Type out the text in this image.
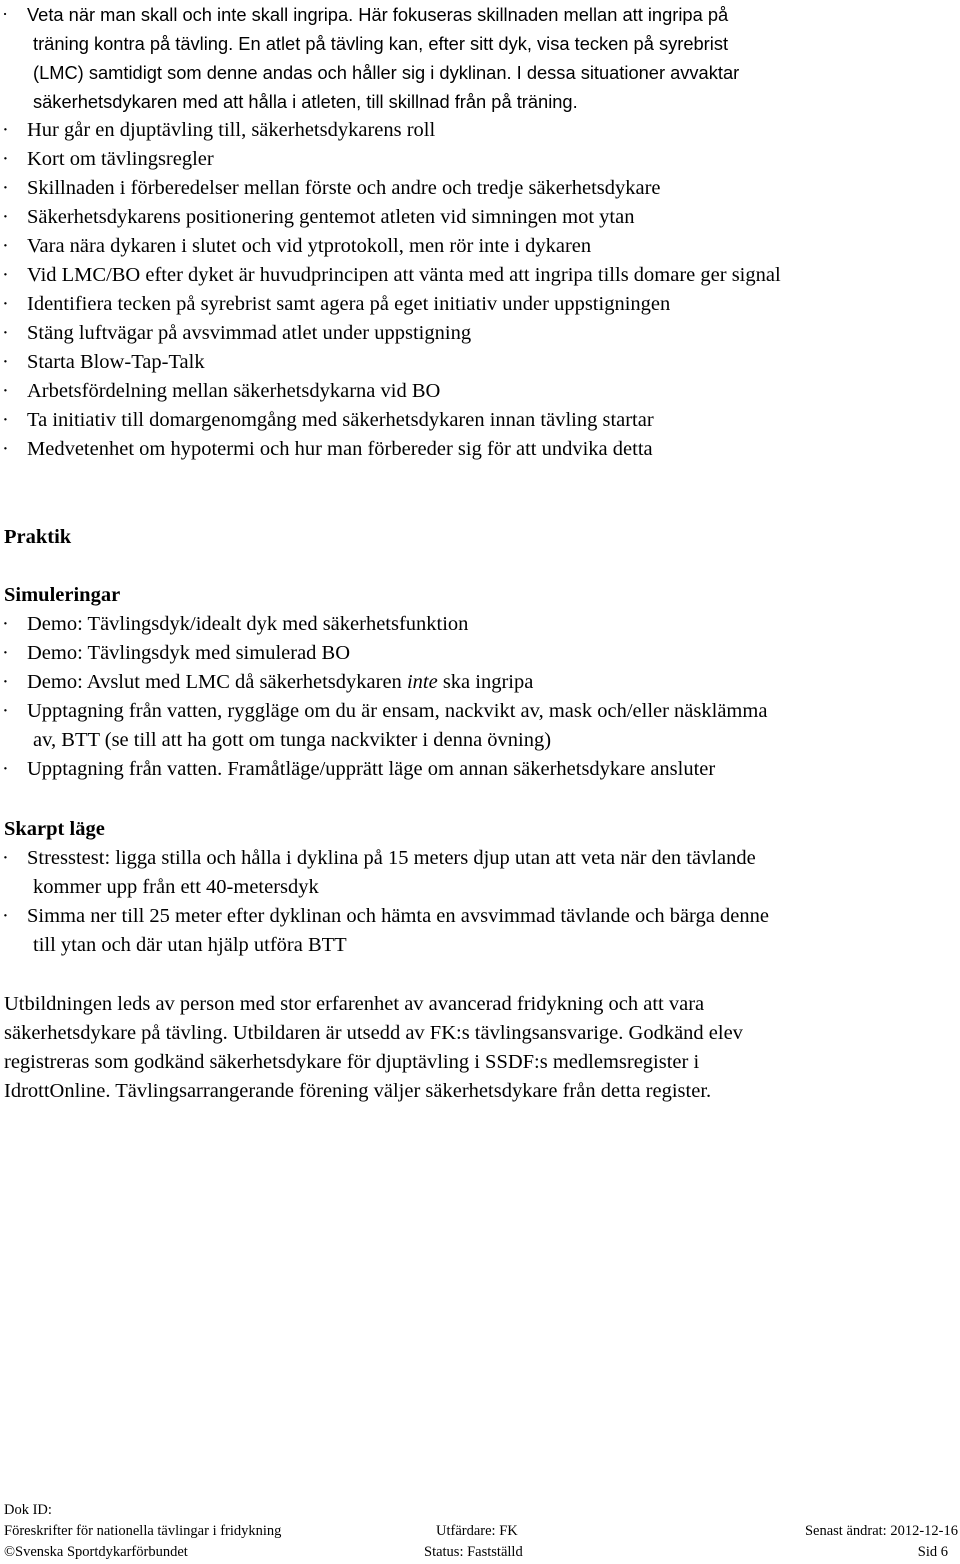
· Veta när man skall och inte skall ingripa. Här fokuseras skillnaden mellan att ingripa på
träning kontra på tävling. En atlet på tävling kan, efter sitt dyk, visa tecken på syrebrist
(LMC) samtidigt som denne andas och håller sig i dyklinan. I dessa situationer avvaktar
säkerhetsdykaren med att hålla i atleten, till skillnad från på träning.
· Hur går en djuptävling till, säkerhetsdykarens roll
· Kort om tävlingsregler
· Skillnaden i förberedelser mellan förste och andre och tredje säkerhetsdykare
· Säkerhetsdykarens positionering gentemot atleten vid simningen mot ytan
· Vara nära dykaren i slutet och vid ytprotokoll, men rör inte i dykaren
· Vid LMC/BO efter dyket är huvudprincipen att vänta med att ingripa tills domare ger signal
· Identifiera tecken på syrebrist samt agera på eget initiativ under uppstigningen
· Stäng luftvägar på avsvimmad atlet under uppstigning
· Starta Blow-Tap-Talk
· Arbetsfördelning mellan säkerhetsdykarna vid BO
· Ta initiativ till domargenomgång med säkerhetsdykaren innan tävling startar
· Medvetenhet om hypotermi och hur man förbereder sig för att undvika detta
Praktik
Simuleringar
· Demo: Tävlingsdyk/idealt dyk med säkerhetsfunktion
· Demo: Tävlingsdyk med simulerad BO
· Demo: Avslut med LMC då säkerhetsdykaren inte ska ingripa
· Upptagning från vatten, ryggläge om du är ensam, nackvikt av, mask och/eller näsklämma
av, BTT (se till att ha gott om tunga nackvikter i denna övning)
· Upptagning från vatten. Framåtläge/upprätt läge om annan säkerhetsdykare ansluter
Skarpt läge
· Stresstest: ligga stilla och hålla i dyklina på 15 meters djup utan att veta när den tävlande
kommer upp från ett 40-metersdyk
· Simma ner till 25 meter efter dyklinan och hämta en avsvimmad tävlande och bärga denne
till ytan och där utan hjälp utföra BTT
Utbildningen leds av person med stor erfarenhet av avancerad fridykning och att vara
säkerhetsdykare på tävling. Utbildaren är utsedd av FK:s tävlingsansvarige. Godkänd elev
registreras som godkänd säkerhetsdykare för djuptävling i SSDF:s medlemsregister i
IdrottOnline. Tävlingsarrangerande förening väljer säkerhetsdykare från detta register.
Dok ID:
Föreskrifter för nationella tävlingar i fridykning	Utfärdare: FK	Senast ändrat: 2012-12-16
©Svenska Sportdykarförbundet	Status: Fastställd	Sid 6
